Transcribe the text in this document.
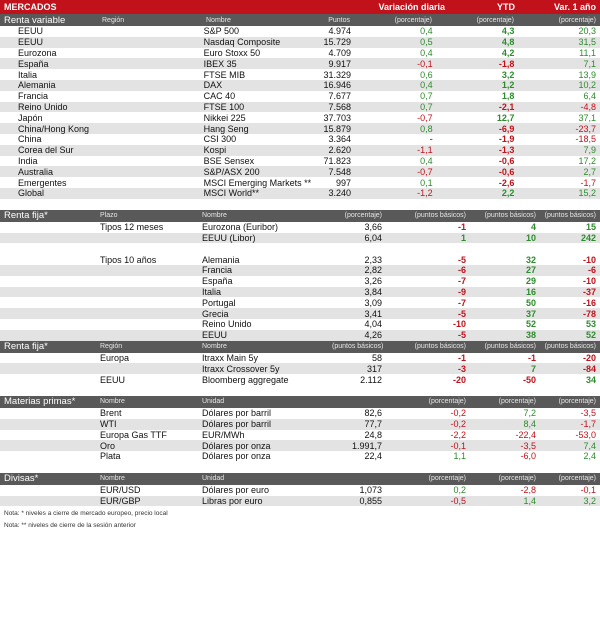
MERCADOS	Variación diaria	YTD	Var. 1 año
Renta variable	Región	Nombre	Puntos	(porcentaje)	(porcentaje)	(porcentaje)
EEUU	S&P 500	4.974	0,4	4,3	20,3
EEUU	Nasdaq Composite	15.729	0,5	4,8	31,5
Eurozona	Euro Stoxx 50	4.709	0,4	4,2	11,1
España	IBEX 35	9.917	-0,1	-1,8	7,1
Italia	FTSE MIB	31.329	0,6	3,2	13,9
Alemania	DAX	16.946	0,4	1,2	10,2
Francia	CAC 40	7.677	0,7	1,8	6,4
Reino Unido	FTSE 100	7.568	0,7	-2,1	-4,8
Japón	Nikkei 225	37.703	-0,7	12,7	37,1
China/Hong Kong	Hang Seng	15.879	0,8	-6,9	-23,7
China	CSI 300	3.364	-	-1,9	-18,5
Corea del Sur	Kospi	2.620	-1,1	-1,3	7,9
India	BSE Sensex	71.823	0,4	-0,6	17,2
Australia	S&P/ASX 200	7.548	-0,7	-0,6	2,7
Emergentes	MSCI Emerging Markets **	997	0,1	-2,6	-1,7
Global	MSCI World**	3.240	-1,2	2,2	15,2
Renta fija*	Plazo	Nombre	(porcentaje)	(puntos básicos)	(puntos básicos)	(puntos básicos)
Tipos 12 meses	Eurozona (Euribor)	3,66	-1	4	15
EEUU (Libor)	6,04	1	10	242
Tipos 10 años	Alemania	2,33	-5	32	-10
Francia	2,82	-6	27	-6
España	3,26	-7	29	-10
Italia	3,84	-9	16	-37
Portugal	3,09	-7	50	-16
Grecia	3,41	-5	37	-78
Reino Unido	4,04	-10	52	53
EEUU	4,26	-5	38	52
Renta fija*	Región	Nombre	(puntos básicos)	(puntos básicos)	(puntos básicos)	(puntos básicos)
Europa	Itraxx Main 5y	58	-1	-1	-20
Itraxx Crossover 5y	317	-3	7	-84
EEUU	Bloomberg aggregate	2.112	-20	-50	34
Materias primas*	Nombre	Unidad	(porcentaje)	(porcentaje)	(porcentaje)
Brent	Dólares por barril	82,6	-0,2	7,2	-3,5
WTI	Dólares por barril	77,7	-0,2	8,4	-1,7
Europa Gas TTF	EUR/MWh	24,8	-2,2	-22,4	-53,0
Oro	Dólares por onza	1.991,7	-0,1	-3,5	7,4
Plata	Dólares por onza	22,4	1,1	-6,0	2,4
Divisas*	Nombre	Unidad	(porcentaje)	(porcentaje)	(porcentaje)
EUR/USD	Dólares por euro	1,073	0,2	-2,8	-0,1
EUR/GBP	Libras por euro	0,855	-0,5	1,4	3,2
Nota: * niveles a cierre de mercado europeo, precio local
Nota: ** niveles de cierre de la sesión anterior
